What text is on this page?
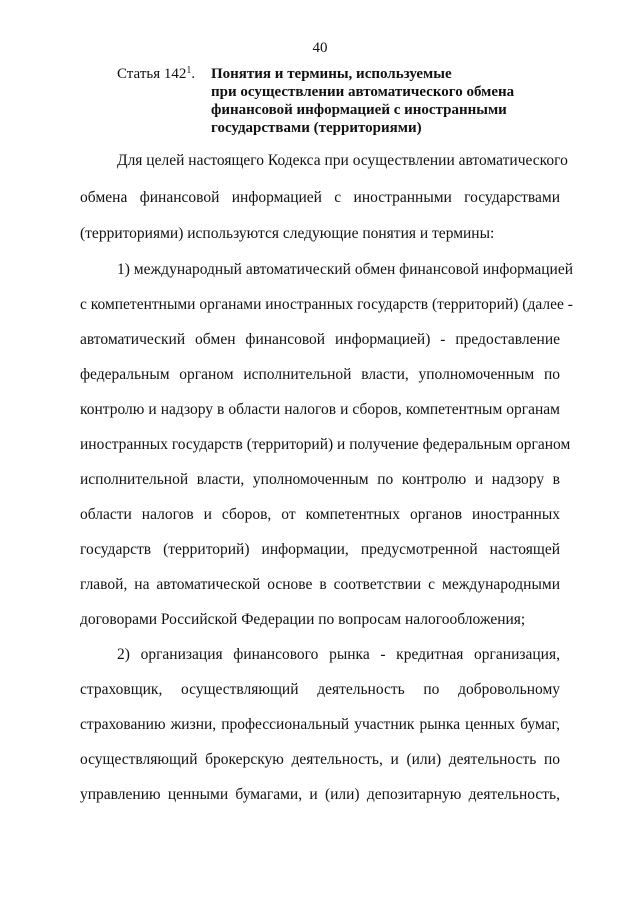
40
Статья $142^1$. Понятия и термины, используемые
при осуществлении автоматического обмена
финансовой информацией с иностранными
государствами (территориями)
Для целей настоящего Кодекса при осуществлении автоматического
обмена финансовой информацией с иностранными государствами
(территориями) используются следующие понятия и термины:
1) международный автоматический обмен финансовой информацией
с компетентными органами иностранных государств (территорий) (далее -
автоматический обмен финансовой информацией) - предоставление
федеральным органом исполнительной власти, уполномоченным по
контролю и надзору в области налогов и сборов, компетентным органам
иностранных государств (территорий) и получение федеральным органом
исполнительной власти, уполномоченным по контролю и надзору в
области налогов и сборов, от компетентных органов иностранных
государств (территорий) информации, предусмотренной настоящей
главой, на автоматической основе в соответствии с международными
договорами Российской Федерации по вопросам налогообложения;
2) организация финансового рынка - кредитная организация,
страховщик, осуществляющий деятельность по добровольному
страхованию жизни, профессиональный участник рынка ценных бумаг,
осуществляющий брокерскую деятельность, и (или) деятельность по
управлению ценными бумагами, и (или) депозитарную деятельность,
